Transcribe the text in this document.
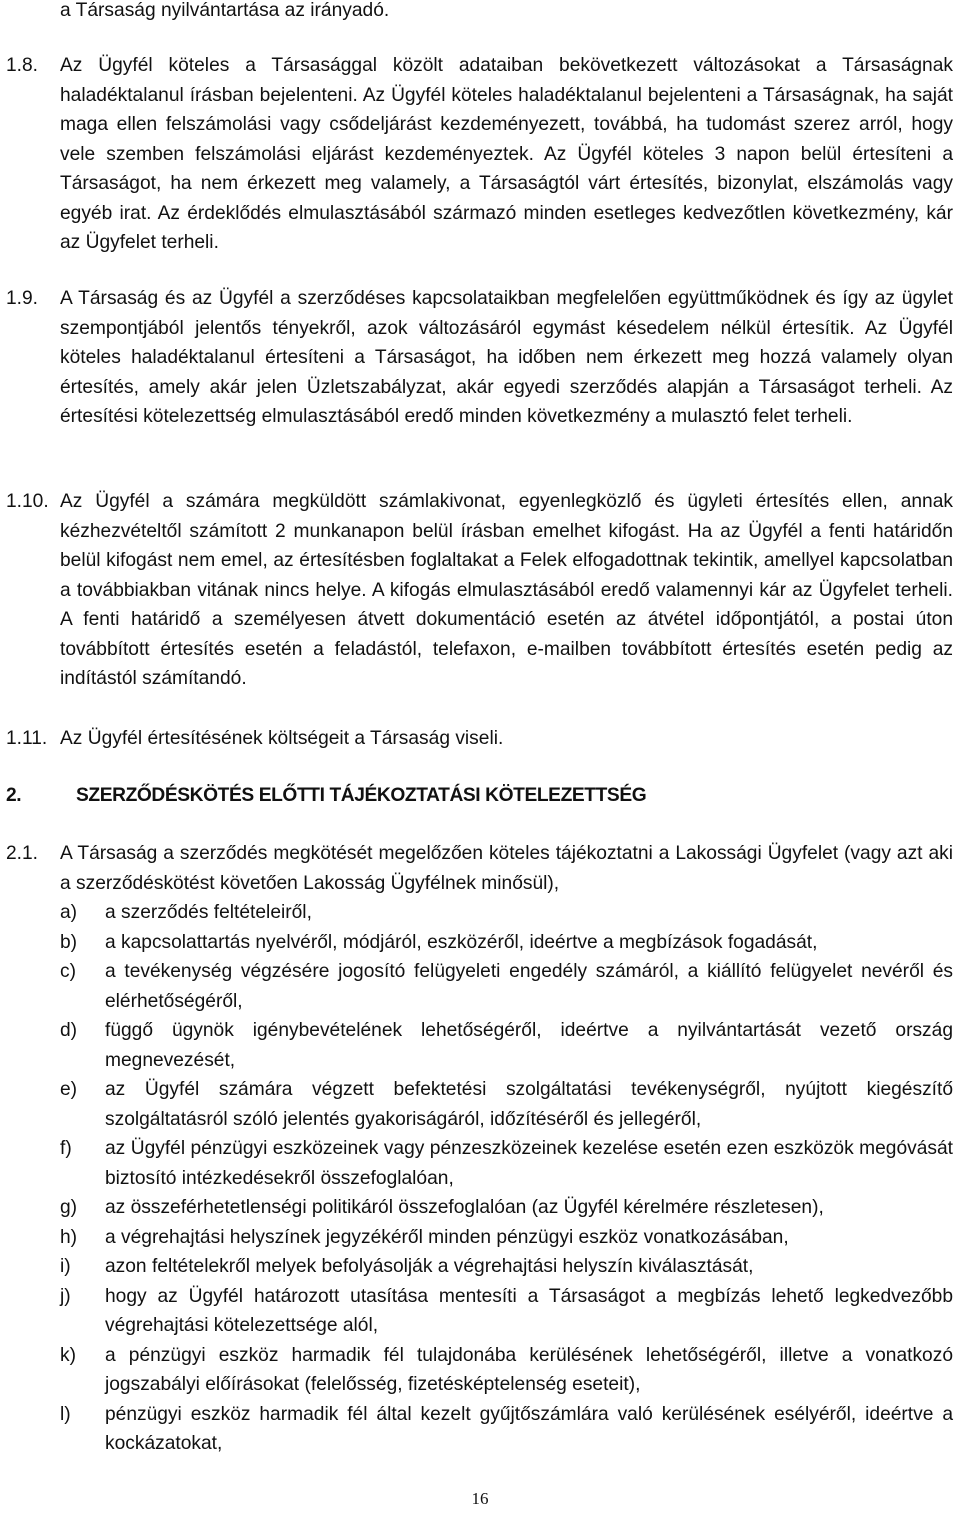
a Társaság nyilvántartása az irányadó.
1.8. Az Ügyfél köteles a Társasággal közölt adataiban bekövetkezett változásokat a Társaságnak haladéktalanul írásban bejelenteni. Az Ügyfél köteles haladéktalanul bejelenteni a Társaságnak, ha saját maga ellen felszámolási vagy csődeljárást kezdeményezett, továbbá, ha tudomást szerez arról, hogy vele szemben felszámolási eljárást kezdeményeztek. Az Ügyfél köteles 3 napon belül értesíteni a Társaságot, ha nem érkezett meg valamely, a Társaságtól várt értesítés, bizonylat, elszámolás vagy egyéb irat. Az érdeklődés elmulasztásából származó minden esetleges kedvezőtlen következmény, kár az Ügyfelet terheli.
1.9. A Társaság és az Ügyfél a szerződéses kapcsolataikban megfelelően együttműködnek és így az ügylet szempontjából jelentős tényekről, azok változásáról egymást késedelem nélkül értesítik. Az Ügyfél köteles haladéktalanul értesíteni a Társaságot, ha időben nem érkezett meg hozzá valamely olyan értesítés, amely akár jelen Üzletszabályzat, akár egyedi szerződés alapján a Társaságot terheli. Az értesítési kötelezettség elmulasztásából eredő minden következmény a mulasztó felet terheli.
1.10. Az Ügyfél a számára megküldött számlakivonat, egyenlegközlő és ügyleti értesítés ellen, annak kézhezvételtől számított 2 munkanapon belül írásban emelhet kifogást. Ha az Ügyfél a fenti határidőn belül kifogást nem emel, az értesítésben foglaltakat a Felek elfogadottnak tekintik, amellyel kapcsolatban a továbbiakban vitának nincs helye. A kifogás elmulasztásából eredő valamennyi kár az Ügyfelet terheli. A fenti határidő a személyesen átvett dokumentáció esetén az átvétel időpontjától, a postai úton továbbított értesítés esetén a feladástól, telefaxon, e-mailben továbbított értesítés esetén pedig az indítástól számítandó.
1.11. Az Ügyfél értesítésének költségeit a Társaság viseli.
2.	SZERZŐDÉSKÖTÉS ELŐTTI TÁJÉKOZTATÁSI KÖTELEZETTSÉG
2.1. A Társaság a szerződés megkötését megelőzően köteles tájékoztatni a Lakossági Ügyfelet (vagy azt aki a szerződéskötést követően Lakosság Ügyfélnek minősül),
a) a szerződés feltételeiről,
b) a kapcsolattartás nyelvéről, módjáról, eszközéről, ideértve a megbízások fogadását,
c) a tevékenység végzésére jogosító felügyeleti engedély számáról, a kiállító felügyelet nevéről és elérhetőségéről,
d) függő ügynök igénybevételének lehetőségéről, ideértve a nyilvántartását vezető ország megnevezését,
e) az Ügyfél számára végzett befektetési szolgáltatási tevékenységről, nyújtott kiegészítő szolgáltatásról szóló jelentés gyakoriságáról, időzítéséről és jellegéről,
f) az Ügyfél pénzügyi eszközeinek vagy pénzeszközeinek kezelése esetén ezen eszközök megóvását biztosító intézkedésekről összefoglalóan,
g) az összeférhetetlenségi politikáról összefoglalóan (az Ügyfél kérelmére részletesen),
h) a végrehajtási helyszínek jegyzékéről minden pénzügyi eszköz vonatkozásában,
i) azon feltételekről melyek befolyásolják a végrehajtási helyszín kiválasztását,
j) hogy az Ügyfél határozott utasítása mentesíti a Társaságot a megbízás lehető legkedvezőbb végrehajtási kötelezettsége alól,
k) a pénzügyi eszköz harmadik fél tulajdonába kerülésének lehetőségéről, illetve a vonatkozó jogszabályi előírásokat (felelősség, fizetésképtelenség eseteit),
l) pénzügyi eszköz harmadik fél által kezelt gyűjtőszámlára való kerülésének esélyéről, ideértve a kockázatokat,
16
